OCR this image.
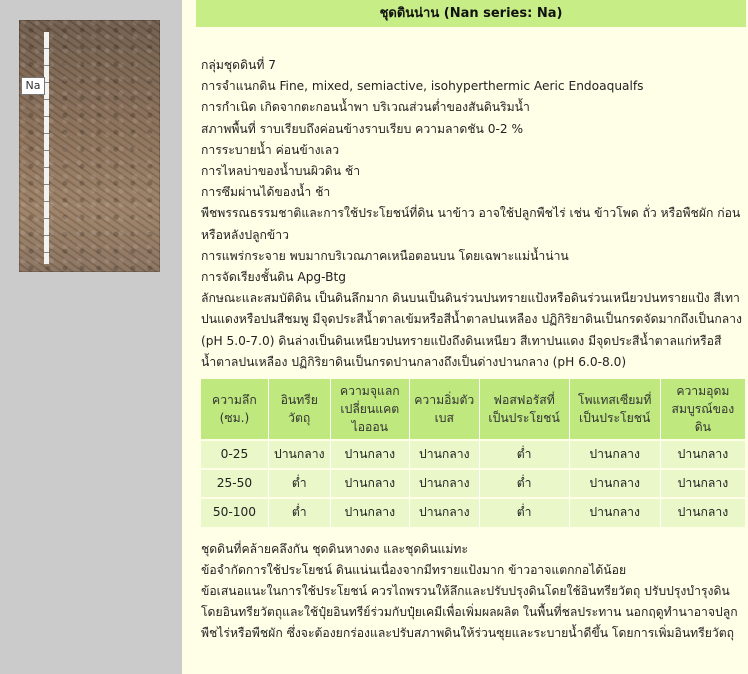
Na
ชุดดินน่าน (Nan series: Na)

กลุ่มชุดดินที่ 7

การจำแนกดิน Fine, mixed, semiactive, isohyperthermic Aeric Endoaqualfs

การกำเนิด เกิดจากตะกอนน้ำพา บริเวณส่วนต่ำของสันดินริมน้ำ

สภาพพื้นที่ ราบเรียบถึงค่อนข้างราบเรียบ ความลาดชัน 0-2 %

การระบายน้ำ ค่อนข้างเลว

การไหลบ่าของน้ำบนผิวดิน ช้า

การซึมผ่านได้ของน้ำ ช้า

พืชพรรณธรรมชาติและการใช้ประโยชน์ที่ดิน นาข้าว อาจใช้ปลูกพืชไร่ เช่น ข้าวโพด ถั่ว หรือพืชผัก ก่อนหรือหลังปลูกข้าว

การแพร่กระจาย พบมากบริเวณภาคเหนือตอนบน โดยเฉพาะแม่น้ำน่าน

การจัดเรียงชั้นดิน Apg-Btg

ลักษณะและสมบัติดิน เป็นดินลึกมาก ดินบนเป็นดินร่วนปนทรายแป้งหรือดินร่วนเหนียวปนทรายแป้ง สีเทาปนแดงหรือปนสีชมพู มีจุดประสีน้ำตาลเข้มหรือสีน้ำตาลปนเหลือง ปฏิกิริยาดินเป็นกรดจัดมากถึงเป็นกลาง (pH 5.0-7.0) ดินล่างเป็นดินเหนียวปนทรายแป้งถึงดินเหนียว สีเทาปนแดง มีจุดประสีน้ำตาลแก่หรือสีน้ำตาลปนเหลือง ปฏิกิริยาดินเป็นกรดปานกลางถึงเป็นด่างปานกลาง (pH 6.0-8.0)

ความลึก (ซม.)	อินทรียวัตถุ	ความจุแลกเปลี่ยนแคตไอออน	ความอิ่มตัวเบส	ฟอสฟอรัสที่เป็นประโยชน์	โพแทสเซียมที่เป็นประโยชน์	ความอุดมสมบูรณ์ของดิน
0-25	ปานกลาง	ปานกลาง	ปานกลาง	ต่ำ	ปานกลาง	ปานกลาง
25-50	ต่ำ	ปานกลาง	ปานกลาง	ต่ำ	ปานกลาง	ปานกลาง
50-100	ต่ำ	ปานกลาง	ปานกลาง	ต่ำ	ปานกลาง	ปานกลาง

ชุดดินที่คล้ายคลึงกัน ชุดดินหางดง และชุดดินแม่ทะ

ข้อจำกัดการใช้ประโยชน์ ดินแน่นเนื่องจากมีทรายแป้งมาก ข้าวอาจแตกกอได้น้อย

ข้อเสนอแนะในการใช้ประโยชน์ ควรไถพรวนให้ลึกและปรับปรุงดินโดยใช้อินทรียวัตถุ ปรับปรุงบำรุงดินโดยอินทรียวัตถุและใช้ปุ๋ยอินทรีย์ร่วมกับปุ๋ยเคมีเพื่อเพิ่มผลผลิต ในพื้นที่ชลประทาน นอกฤดูทำนาอาจปลูกพืชไร่หรือพืชผัก ซึ่งจะต้องยกร่องและปรับสภาพดินให้ร่วนซุยและระบายน้ำดีขึ้น โดยการเพิ่มอินทรียวัตถุ
